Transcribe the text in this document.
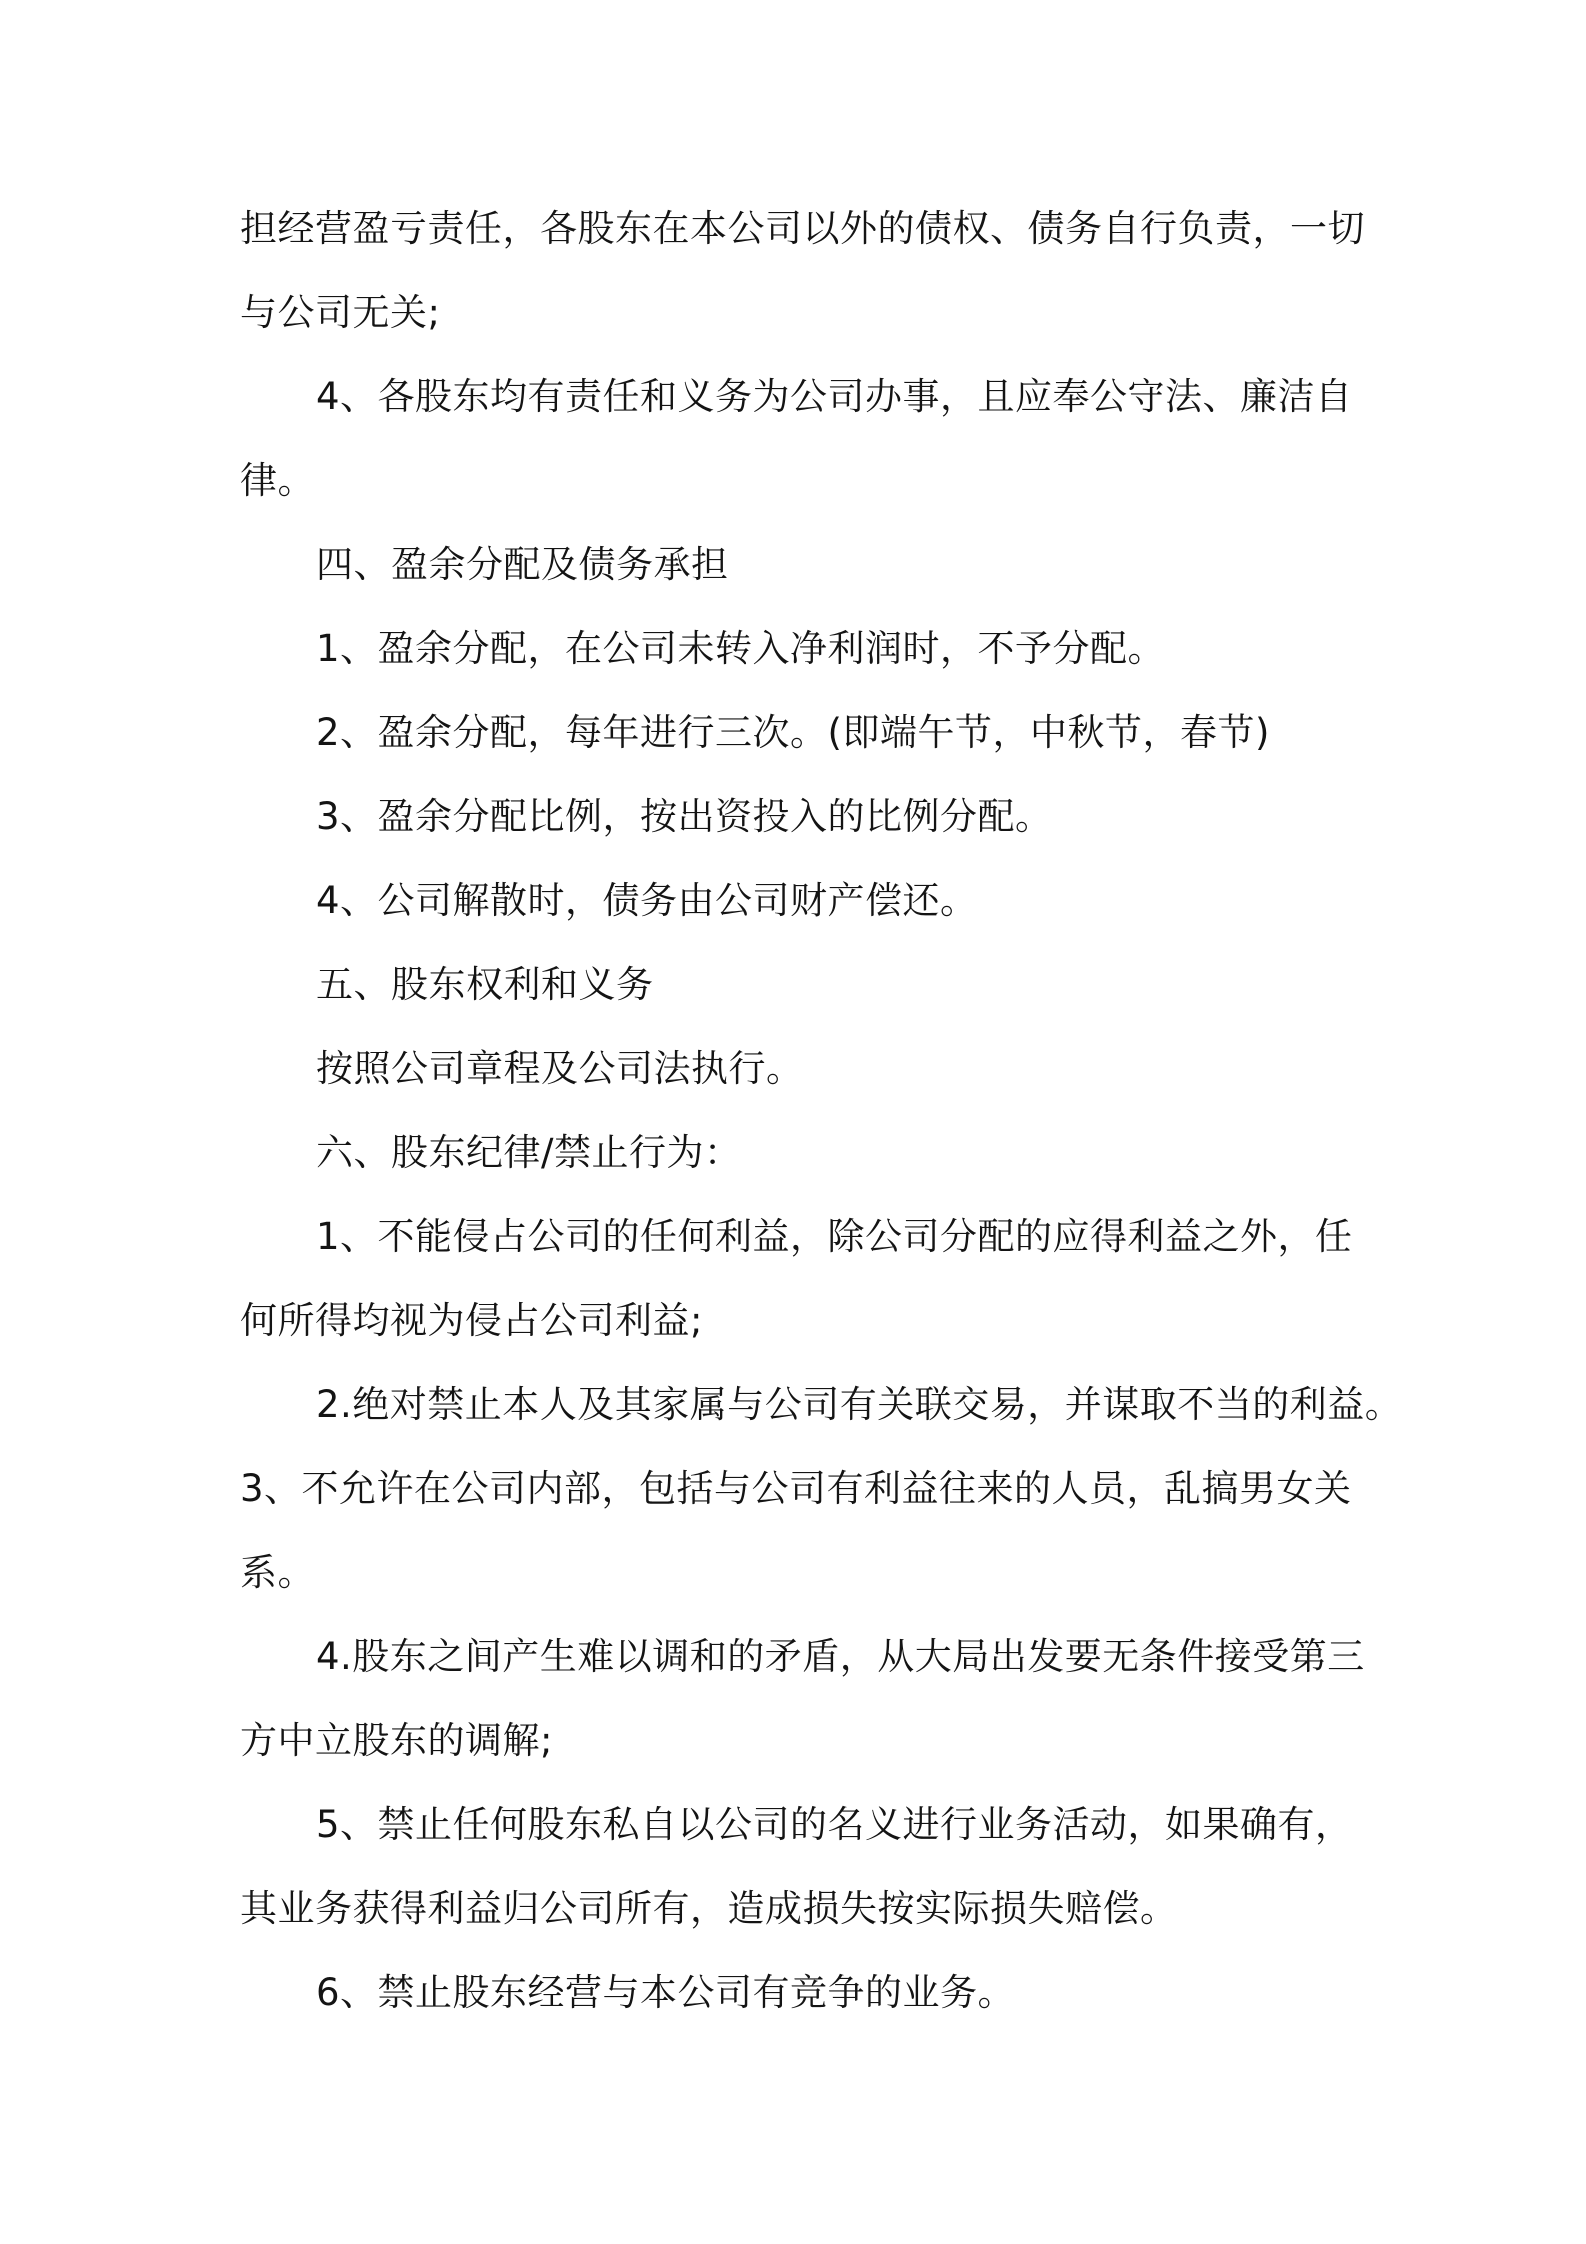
担经营盈亏责任，各股东在本公司以外的债权、债务自行负责，一切

与公司无关;

4、各股东均有责任和义务为公司办事，且应奉公守法、廉洁自

律。

四、盈余分配及债务承担

1、盈余分配，在公司未转入净利润时，不予分配。

2、盈余分配，每年进行三次。(即端午节，中秋节，春节)

3、盈余分配比例，按出资投入的比例分配。

4、公司解散时，债务由公司财产偿还。

五、股东权利和义务

按照公司章程及公司法执行。

六、股东纪律/禁止行为：

1、不能侵占公司的任何利益，除公司分配的应得利益之外，任

何所得均视为侵占公司利益;

2.绝对禁止本人及其家属与公司有关联交易，并谋取不当的利益。

3、不允许在公司内部，包括与公司有利益往来的人员，乱搞男女关

系。

4.股东之间产生难以调和的矛盾，从大局出发要无条件接受第三

方中立股东的调解;

5、禁止任何股东私自以公司的名义进行业务活动，如果确有，

其业务获得利益归公司所有，造成损失按实际损失赔偿。

6、禁止股东经营与本公司有竞争的业务。
